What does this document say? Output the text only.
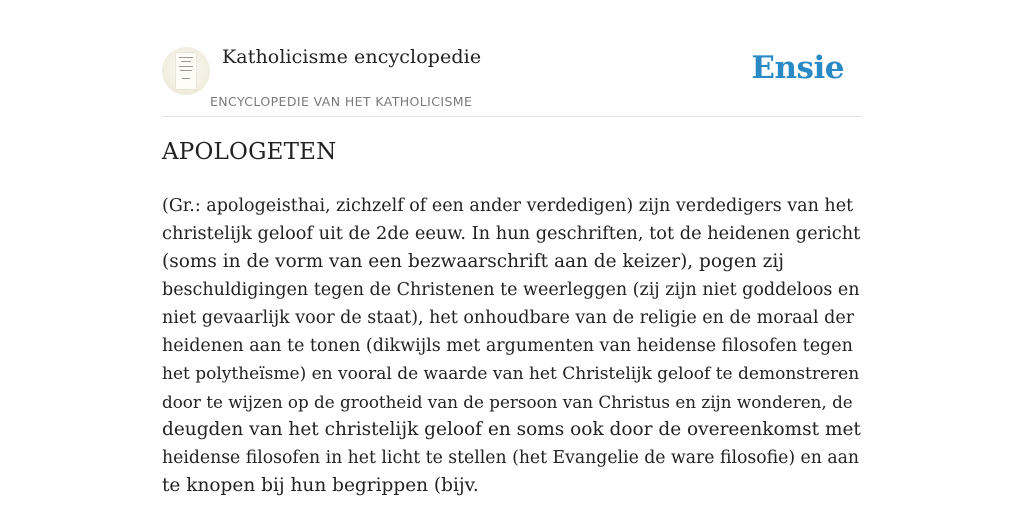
Katholicisme encyclopedie
ENCYCLOPEDIE VAN HET KATHOLICISME
Ensie
APOLOGETEN

(Gr.: apologeisthai, zichzelf of een ander verdedigen) zijn verdedigers van het
christelijk geloof uit de 2de eeuw. In hun geschriften, tot de heidenen gericht
(soms in de vorm van een bezwaarschrift aan de keizer), pogen zij
beschuldigingen tegen de Christenen te weerleggen (zij zijn niet goddeloos en
niet gevaarlijk voor de staat), het onhoudbare van de religie en de moraal der
heidenen aan te tonen (dikwijls met argumenten van heidense filosofen tegen
het polytheïsme) en vooral de waarde van het Christelijk geloof te demonstreren
door te wijzen op de grootheid van de persoon van Christus en zijn wonderen, de
deugden van het christelijk geloof en soms ook door de overeenkomst met
heidense filosofen in het licht te stellen (het Evangelie de ware filosofie) en aan
te knopen bij hun begrippen (bijv.
